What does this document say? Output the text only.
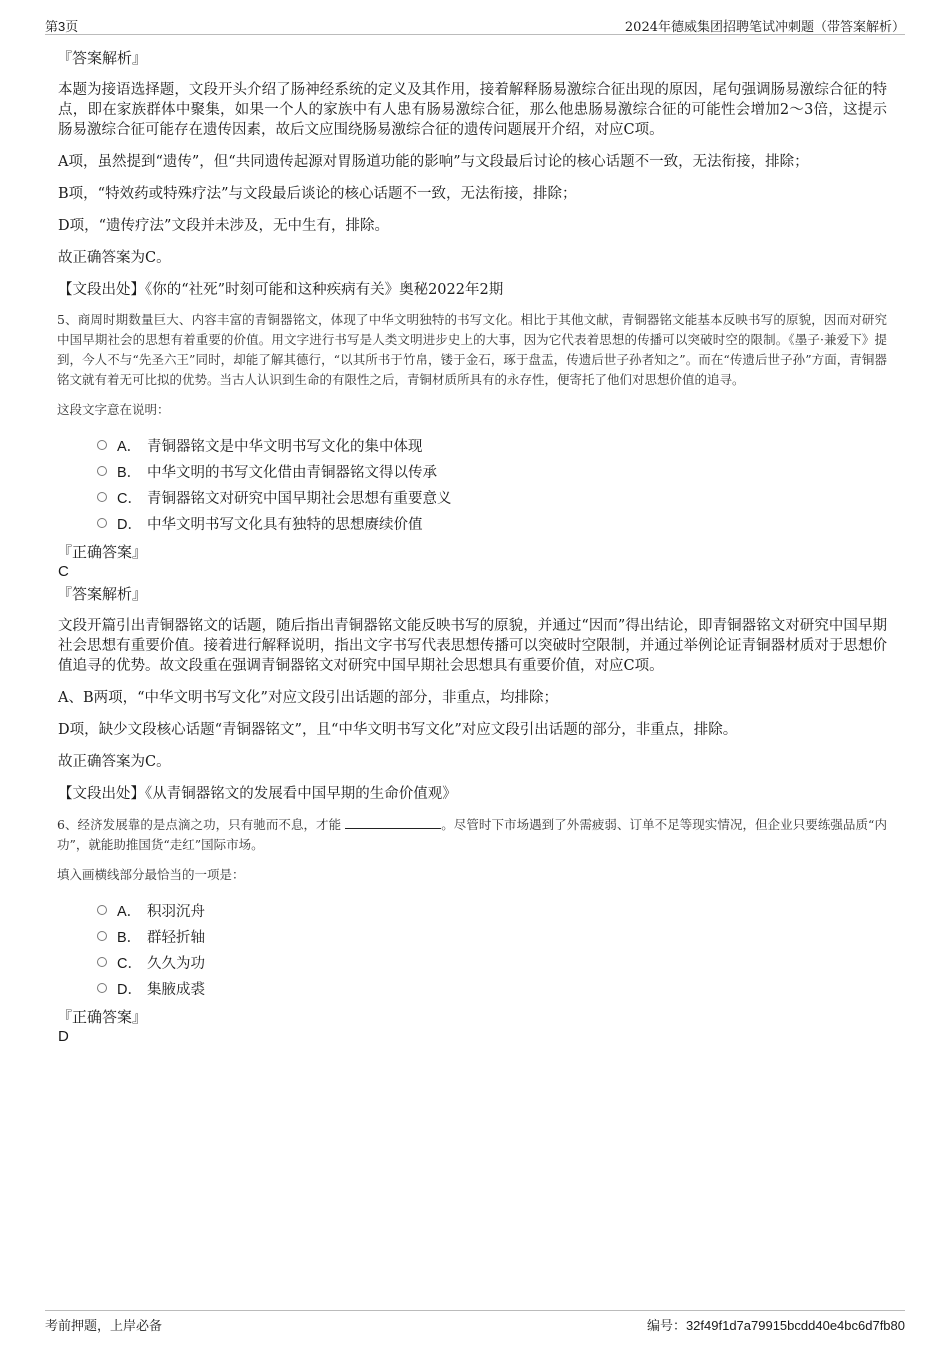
第3页	2024年德威集团招聘笔试冲刺题（带答案解析）
『答案解析』

本题为接语选择题，文段开头介绍了肠神经系统的定义及其作用，接着解释肠易激综合征出现的原因，尾句强调肠易激综合征的特点，即在家族群体中聚集，如果一个人的家族中有人患有肠易激综合征，那么他患肠易激综合征的可能性会增加2～3倍，这提示肠易激综合征可能存在遗传因素，故后文应围绕肠易激综合征的遗传问题展开介绍，对应C项。

A项，虽然提到“遗传”，但“共同遗传起源对胃肠道功能的影响”与文段最后讨论的核心话题不一致，无法衔接，排除；

B项，“特效药或特殊疗法”与文段最后谈论的核心话题不一致，无法衔接，排除；

D项，“遗传疗法”文段并未涉及，无中生有，排除。

故正确答案为C。

【文段出处】《你的“社死”时刻可能和这种疾病有关》奥秘2022年2期

5、商周时期数量巨大、内容丰富的青铜器铭文，体现了中华文明独特的书写文化。相比于其他文献，青铜器铭文能基本反映书写的原貌，因而对研究中国早期社会的思想有着重要的价值。用文字进行书写是人类文明进步史上的大事，因为它代表着思想的传播可以突破时空的限制。《墨子·兼爱下》提到，今人不与“先圣六王”同时，却能了解其德行，“以其所书于竹帛，镂于金石，琢于盘盂，传遗后世子孙者知之”。而在“传遗后世子孙”方面，青铜器铭文就有着无可比拟的优势。当古人认识到生命的有限性之后，青铜材质所具有的永存性，便寄托了他们对思想价值的追寻。

这段文字意在说明：

A． 青铜器铭文是中华文明书写文化的集中体现
B． 中华文明的书写文化借由青铜器铭文得以传承
C． 青铜器铭文对研究中国早期社会思想有重要意义
D． 中华文明书写文化具有独特的思想赓续价值
『正确答案』
C
『答案解析』

文段开篇引出青铜器铭文的话题，随后指出青铜器铭文能反映书写的原貌，并通过“因而”得出结论，即青铜器铭文对研究中国早期社会思想有重要价值。接着进行解释说明，指出文字书写代表思想传播可以突破时空限制，并通过举例论证青铜器材质对于思想价值追寻的优势。故文段重在强调青铜器铭文对研究中国早期社会思想具有重要价值，对应C项。

A、B两项，“中华文明书写文化”对应文段引出话题的部分，非重点，均排除；

D项，缺少文段核心话题“青铜器铭文”，且“中华文明书写文化”对应文段引出话题的部分，非重点，排除。

故正确答案为C。

【文段出处】《从青铜器铭文的发展看中国早期的生命价值观》

6、经济发展靠的是点滴之功，只有驰而不息，才能	。尽管时下市场遇到了外需疲弱、订单不足等现实情况，但企业只要练强品质“内功”，就能助推国货“走红”国际市场。

填入画横线部分最恰当的一项是：

A． 积羽沉舟
B． 群轻折轴
C． 久久为功
D． 集腋成裘
『正确答案』
D
考前押题，上岸必备	编号：32f49f1d7a79915bcdd40e4bc6d7fb80
